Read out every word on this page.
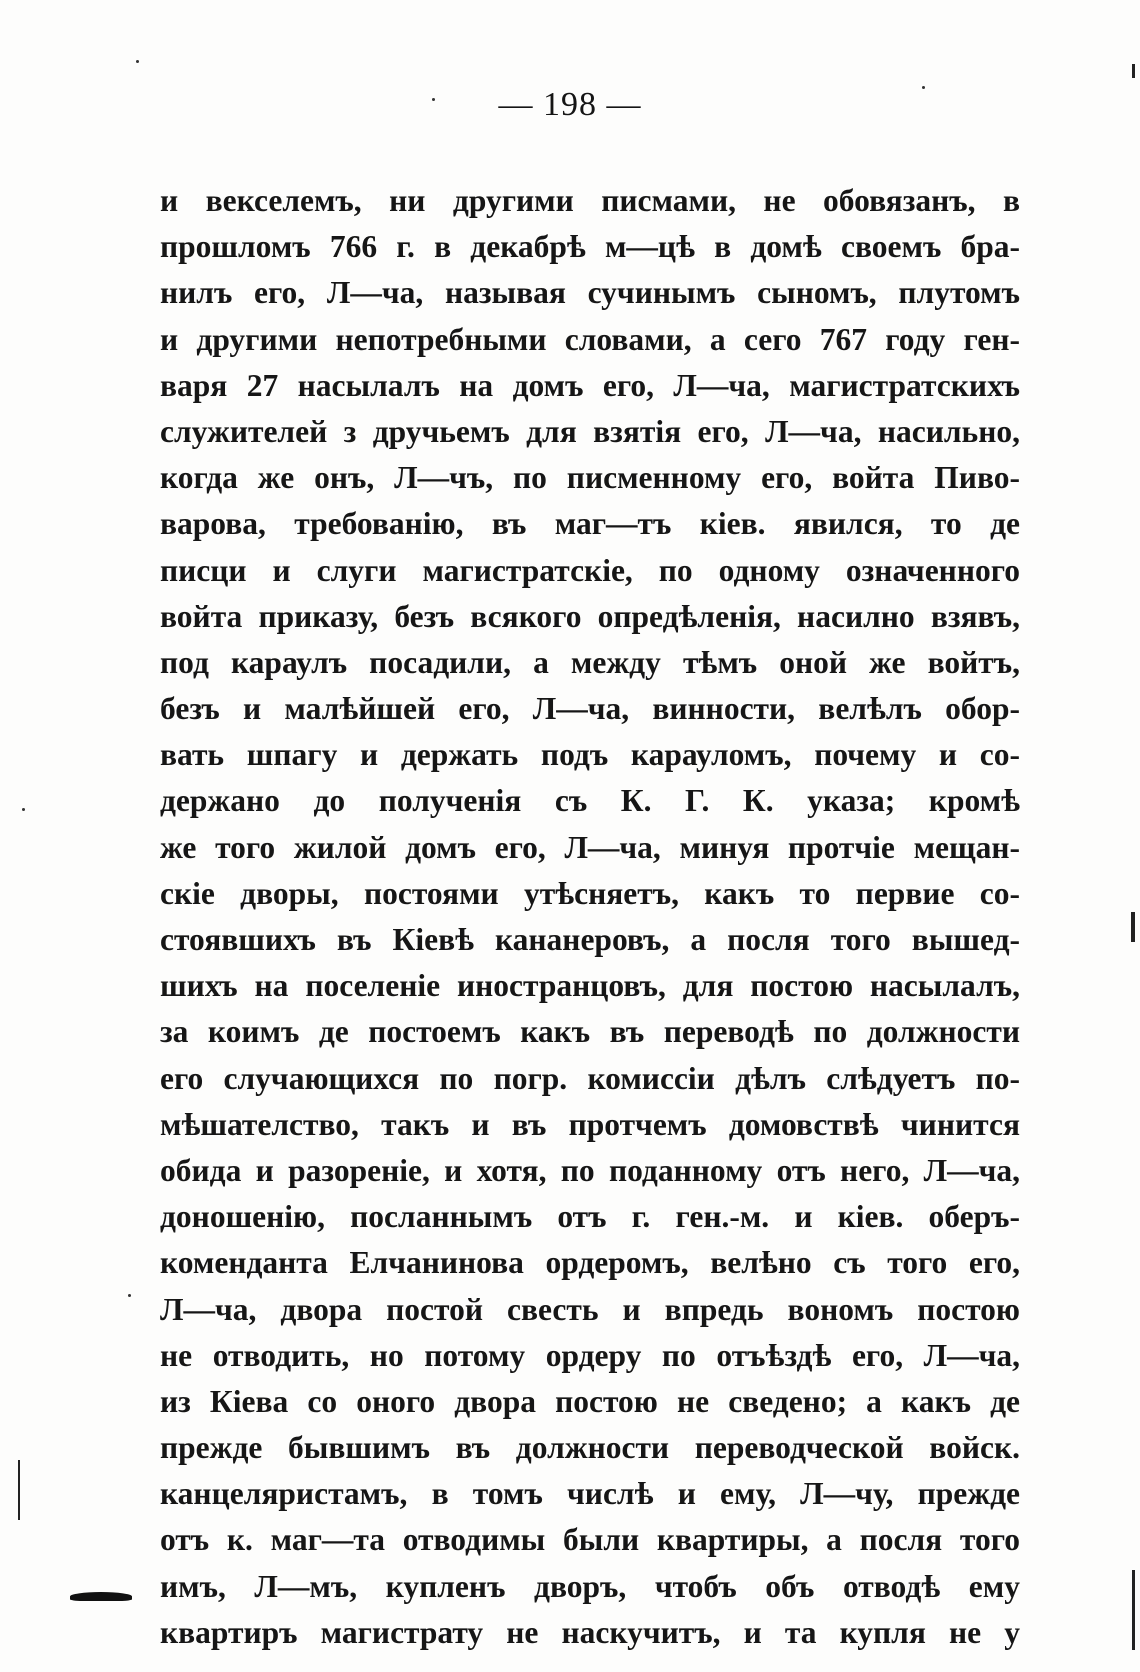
— 198 —
и векселемъ, ни другими писмами, не обовязанъ, в
прошломъ 766 г. в декабрѣ м—цѣ в домѣ своемъ бра-
нилъ его, Л—ча, называя сучинымъ сыномъ, плутомъ
и другими непотребными словами, а сего 767 году ген-
варя 27 насылалъ на домъ его, Л—ча, магистратскихъ
служителей з дручьемъ для взятія его, Л—ча, насильно,
когда же онъ, Л—чъ, по писменному его, войта Пиво-
варова, требованію, въ маг—тъ кіев. явился, то де
писци и слуги магистратскіе, по одному означенного
войта приказу, безъ всякого опредѣленія, насилно взявъ,
под караулъ посадили, а между тѣмъ оной же войтъ,
безъ и малѣйшей его, Л—ча, винности, велѣлъ обор-
вать шпагу и держать подъ карауломъ, почему и со-
держано до полученія съ К. Г. К. указа; кромѣ
же того жилой домъ его, Л—ча, минуя протчіе мещан-
скіе дворы, постоями утѣсняетъ, какъ то первие со-
стоявшихъ въ Кіевѣ кананеровъ, а посля того вышед-
шихъ на поселеніе иностранцовъ, для постою насылалъ,
за коимъ де постоемъ какъ въ переводѣ по должности
его случающихся по погр. комиссіи дѣлъ слѣдуетъ по-
мѣшателство, такъ и въ протчемъ домовствѣ чинится
обида и разореніе, и хотя, по поданному отъ него, Л—ча,
доношенію, посланнымъ отъ г. ген.-м. и кіев. оберъ-
коменданта Елчанинова ордеромъ, велѣно съ того его,
Л—ча, двора постой свесть и впредь вономъ постою
не отводить, но потому ордеру по отъѣздѣ его, Л—ча,
из Кіева со оного двора постою не сведено; а какъ де
прежде бывшимъ въ должности переводческой войск.
канцеляристамъ, в томъ числѣ и ему, Л—чу, прежде
отъ к. маг—та отводимы были квартиры, а посля того
имъ, Л—мъ, купленъ дворъ, чтобъ объ отводѣ ему
квартиръ магистрату не наскучитъ, и та купля не у
